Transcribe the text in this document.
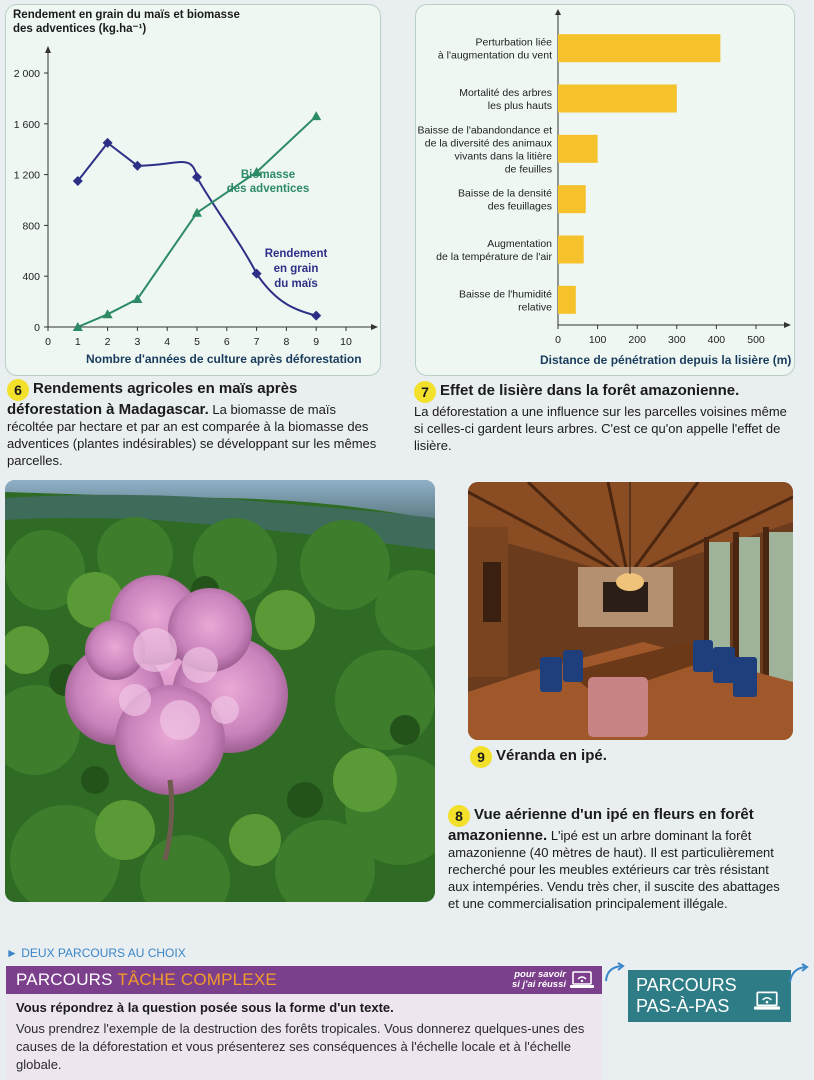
Rendement en grain du maïs et biomasse
des adventices (kg.ha⁻¹)
Nombre d'années de culture après déforestation
0
400
800
1 200
1 600
2 000
0 1 2 3 4 5 6 7 8 9 10
Biomasse
des adventices
Rendement
en grain
du maïs
Distance de pénétration depuis la lisière (m)
0	100 200 300 400 500
Perturbation liée
à l'augmentation du vent
Mortalité des arbres
les plus hauts
Baisse de l'abandondance et
de la diversité des animaux
vivants dans la litière
de feuilles
Baisse de la densité
des feuillages
Augmentation
de la température de l'air
Baisse de l'humidité
relative
6 Rendements agricoles en maïs après déforestation à Madagascar. La biomasse de maïs récoltée par hectare et par an est comparée à la biomasse des adventices (plantes indésirables) se développant sur les mêmes parcelles.
7 Effet de lisière dans la forêt amazonienne.
La déforestation a une influence sur les parcelles voisines même si celles-ci gardent leurs arbres. C'est ce qu'on appelle l'effet de lisière.
9 Véranda en ipé.
8 Vue aérienne d'un ipé en fleurs en forêt amazonienne. L'ipé est un arbre dominant la forêt amazonienne (40 mètres de haut). Il est particulièrement recherché pour les meubles extérieurs car très résistant aux intempéries. Vendu très cher, il suscite des abattages et une commercialisation principalement illégale.
► DEUX PARCOURS AU CHOIX
PARCOURS TÂCHE COMPLEXE	pour savoir
si j'ai réussi
Vous répondrez à la question posée sous la forme d'un texte.
Vous prendrez l'exemple de la destruction des forêts tropicales. Vous donnerez quelques-unes des causes de la déforestation et vous présenterez ses conséquences à l'échelle locale et à l'échelle globale.
PARCOURS
PAS-À-PAS
